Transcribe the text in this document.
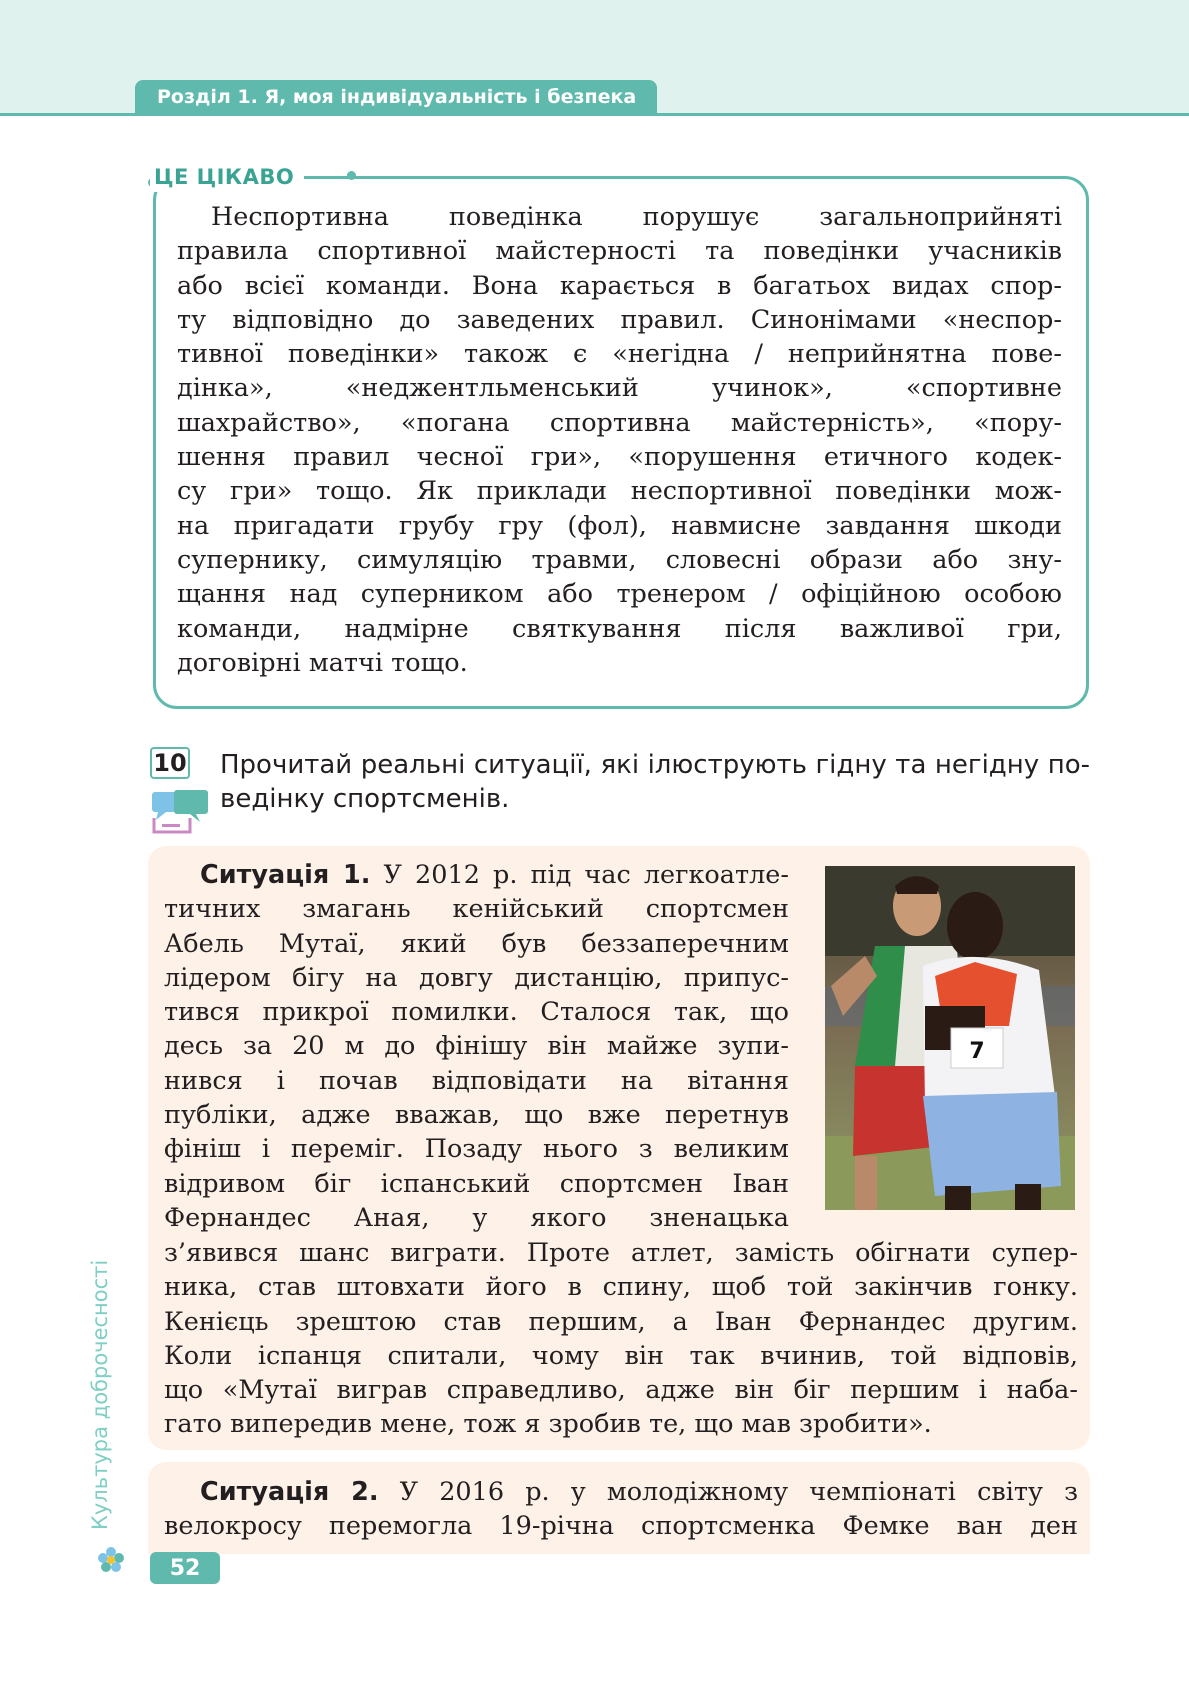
Розділ 1. Я, моя індивідуальність і безпека
ЦЕ ЦІКАВО
Неспортивна поведінка порушує загальноприйняті
правила спортивної майстерності та поведінки учасників
або всієї команди. Вона карається в багатьох видах спор-
ту відповідно до заведених правил. Синонімами «неспор-
тивної поведінки» також є «негідна / неприйнятна пове-
дінка», «неджентльменський учинок», «спортивне
шахрайство», «погана спортивна майстерність», «пору-
шення правил чесної гри», «порушення етичного кодек-
су гри» тощо. Як приклади неспортивної поведінки мож-
на пригадати грубу гру (фол), навмисне завдання шкоди
супернику, симуляцію травми, словесні образи або зну-
щання над суперником або тренером / офіційною особою
команди, надмірне святкування після важливої гри,
договірні матчі тощо.
10 Прочитай реальні ситуації, які ілюструють гідну та негідну по-
ведінку спортсменів.
Ситуація 1. У 2012 р. під час легкоатле-
тичних змагань кенійський спортсмен
Абель Мутаї, який був беззаперечним
лідером бігу на довгу дистанцію, припус-
тився прикрої помилки. Сталося так, що
десь за 20 м до фінішу він майже зупи-
нився і почав відповідати на вітання
публіки, адже вважав, що вже перетнув
фініш і переміг. Позаду нього з великим
відривом біг іспанський спортсмен Іван
Фернандес Аная, у якого зненацька
з’явився шанс виграти. Проте атлет, замість обігнати супер-
ника, став штовхати його в спину, щоб той закінчив гонку.
Кенієць зрештою став першим, а Іван Фернандес другим.
Коли іспанця спитали, чому він так вчинив, той відповів,
що «Мутаї виграв справедливо, адже він біг першим і наба-
гато випередив мене, тож я зробив те, що мав зробити».
7
Ситуація 2. У 2016 р. у молодіжному чемпіонаті світу з
велокросу перемогла 19-річна спортсменка Фемке ван ден
Культура доброчесності
52
